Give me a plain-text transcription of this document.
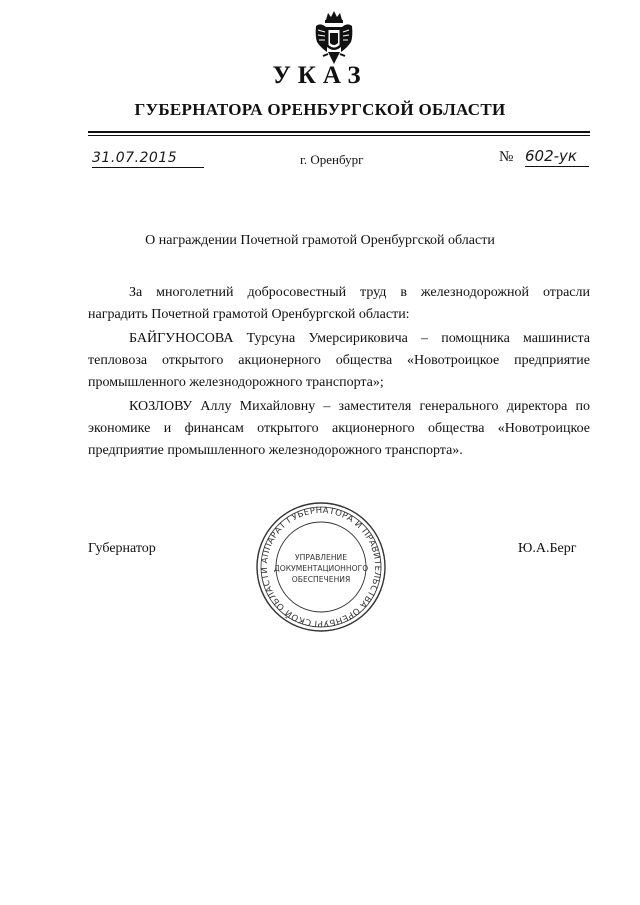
УКАЗ
ГУБЕРНАТОРА ОРЕНБУРГСКОЙ ОБЛАСТИ
31.07.2015	г. Оренбург	№ 602-ук
О награждении Почетной грамотой Оренбургской области

За многолетний добросовестный труд в железнодорожной отрасли наградить Почетной грамотой Оренбургской области:

БАЙГУНОСОВА Турсуна Умерсириковича – помощника машиниста тепловоза открытого акционерного общества «Новотроицкое предприятие промышленного железнодорожного транспорта»;

КОЗЛОВУ Аллу Михайловну – заместителя генерального директора по экономике и финансам открытого акционерного общества «Новотроицкое предприятие промышленного железнодорожного транспорта».

Губернатор	Ю.А.Берг
АППАРАТ ГУБЕРНАТОРА И ПРАВИТЕЛЬСТВА ОРЕНБУРГСКОЙ ОБЛАСТИ
УПРАВЛЕНИЕ
ДОКУМЕНТАЦИОННОГО
ОБЕСПЕЧЕНИЯ
